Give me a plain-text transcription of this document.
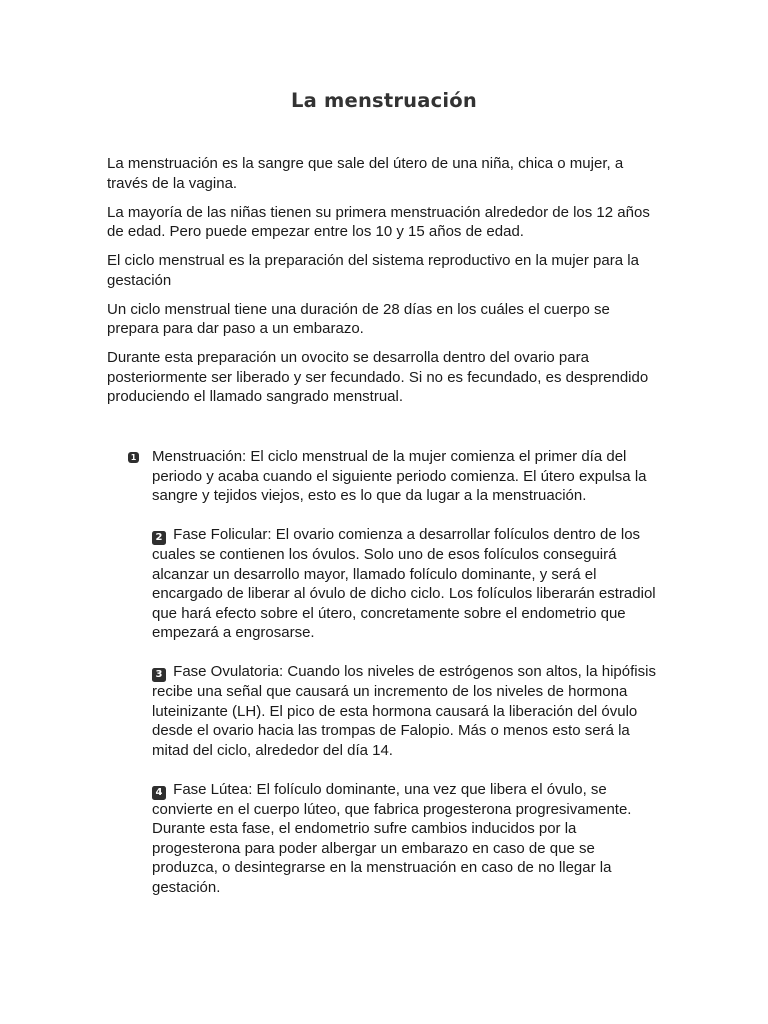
La menstruación

La menstruación es la sangre que sale del útero de una niña, chica o mujer, a través de la vagina.

La mayoría de las niñas tienen su primera menstruación alrededor de los 12 años de edad. Pero puede empezar entre los 10 y 15 años de edad.

El ciclo menstrual es la preparación del sistema reproductivo en la mujer para la gestación

Un ciclo menstrual tiene una duración de 28 días en los cuáles el cuerpo se prepara para dar paso a un embarazo.

Durante esta preparación un ovocito se desarrolla dentro del ovario para posteriormente ser liberado y ser fecundado. Si no es fecundado, es desprendido produciendo el llamado sangrado menstrual.

1 Menstruación: El ciclo menstrual de la mujer comienza el primer día del periodo y acaba cuando el siguiente periodo comienza. El útero expulsa la sangre y tejidos viejos, esto es lo que da lugar a la menstruación.
2 Fase Folicular: El ovario comienza a desarrollar folículos dentro de los cuales se contienen los óvulos. Solo uno de esos folículos conseguirá alcanzar un desarrollo mayor, llamado folículo dominante, y será el encargado de liberar al óvulo de dicho ciclo. Los folículos liberarán estradiol que hará efecto sobre el útero, concretamente sobre el endometrio que empezará a engrosarse.
3 Fase Ovulatoria: Cuando los niveles de estrógenos son altos, la hipófisis recibe una señal que causará un incremento de los niveles de hormona luteinizante (LH). El pico de esta hormona causará la liberación del óvulo desde el ovario hacia las trompas de Falopio. Más o menos esto será la mitad del ciclo, alrededor del día 14.
4 Fase Lútea: El folículo dominante, una vez que libera el óvulo, se convierte en el cuerpo lúteo, que fabrica progesterona progresivamente. Durante esta fase, el endometrio sufre cambios inducidos por la progesterona para poder albergar un embarazo en caso de que se produzca, o desintegrarse en la menstruación en caso de no llegar la gestación.
